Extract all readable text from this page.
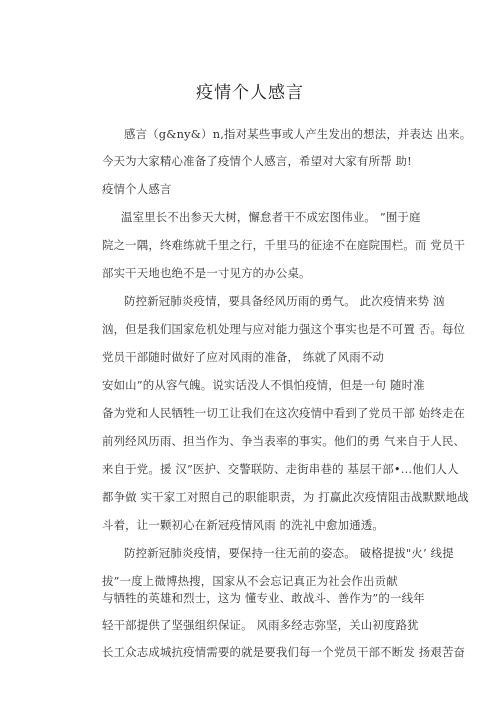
疫情个人感言
感言（g&ny&）n,指对某些事或人产生发出的想法，并表达 出来。
今天为大家精心准备了疫情个人感言，希望对大家有所帮 助!
疫情个人感言
温室里长不出参天大树，懈怠者干不成宏图伟业。 ”囿于庭
院之一隅，终难练就千里之行，千里马的征途不在庭院围栏。而 党员干
部实干天地也绝不是一寸见方的办公桌。
防控新冠肺炎疫情，要具备经风历雨的勇气。 此次疫情来势 汹
汹，但是我们国家危机处理与应对能力强这个事实也是不可置 否。每位
党员干部随时做好了应对风雨的准备， 练就了风雨不动
安如山”的从容气魄。说实话没人不惧怕疫情，但是一句 随时准
备为党和人民牺牲一切工让我们在这次疫情中看到了党员干部 始终走在
前列经风历雨、担当作为、争当表率的事实。他们的勇 气来自于人民、
来自于党。援 汉”医护、交警联防、走街串巷的 基层干部•…他们人人
都争做 实干家工对照自己的职能职责，为 打赢此次疫情阻击战默默地战
斗着，让一颗初心在新冠疫情风雨 的洗礼中愈加通透。
防控新冠肺炎疫情，要保持一往无前的姿态。 破格提拔"火’ 线提
拔”一度上微博热搜，国家从不会忘记真正为社会作出贡献
与牺牲的英雄和烈士，这为 懂专业、敢战斗、善作为”的一线年
轻干部提供了坚强组织保证。 风雨多经志弥坚，关山初度路犹
长工众志成城抗疫情需要的就是要我们每一个党员干部不断发 扬艰苦奋
